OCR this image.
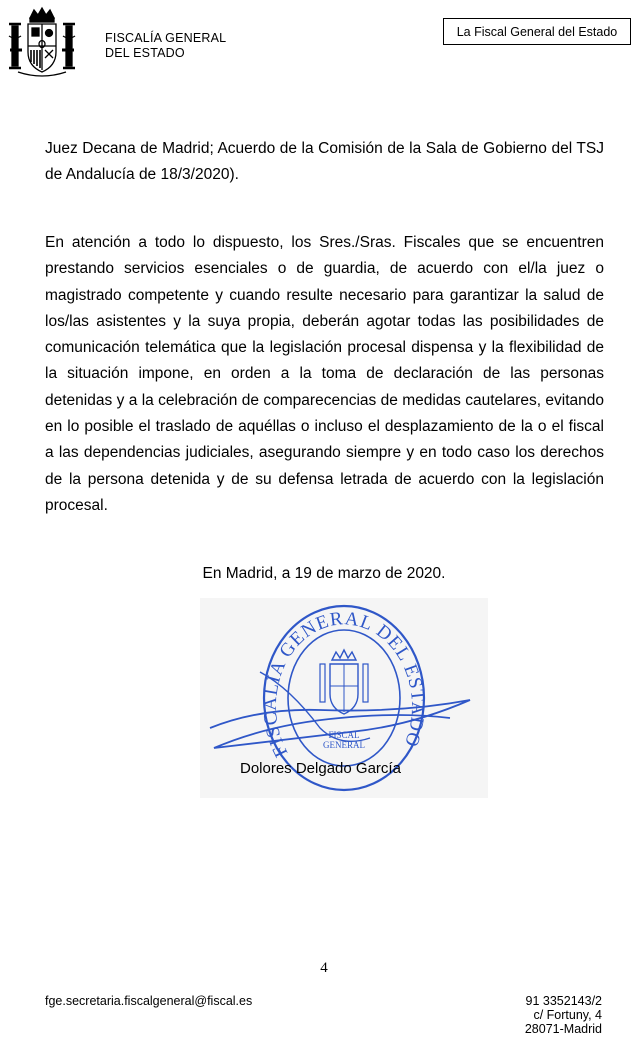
FISCALÍA GENERAL
DEL ESTADO
La Fiscal General del Estado

Juez Decana de Madrid; Acuerdo de la Comisión de la Sala de Gobierno del TSJ de Andalucía de 18/3/2020).

En atención a todo lo dispuesto, los Sres./Sras. Fiscales que se encuentren prestando servicios esenciales o de guardia, de acuerdo con el/la juez o magistrado competente y cuando resulte necesario para garantizar la salud de los/las asistentes y la suya propia, deberán agotar todas las posibilidades de comunicación telemática que la legislación procesal dispensa y la flexibilidad de la situación impone, en orden a la toma de declaración de las personas detenidas y a la celebración de comparecencias de medidas cautelares, evitando en lo posible el traslado de aquéllas o incluso el desplazamiento de la o el fiscal a las dependencias judiciales, asegurando siempre y en todo caso los derechos de la persona detenida y de su defensa letrada de acuerdo con la legislación procesal.

En Madrid, a 19 de marzo de 2020.
FISCALIA GENERAL DEL ESTADO
FISCAL
GENERAL
Dolores Delgado García
4
fge.secretaria.fiscalgeneral@fiscal.es	91 3352143/2
c/ Fortuny, 4
28071-Madrid
